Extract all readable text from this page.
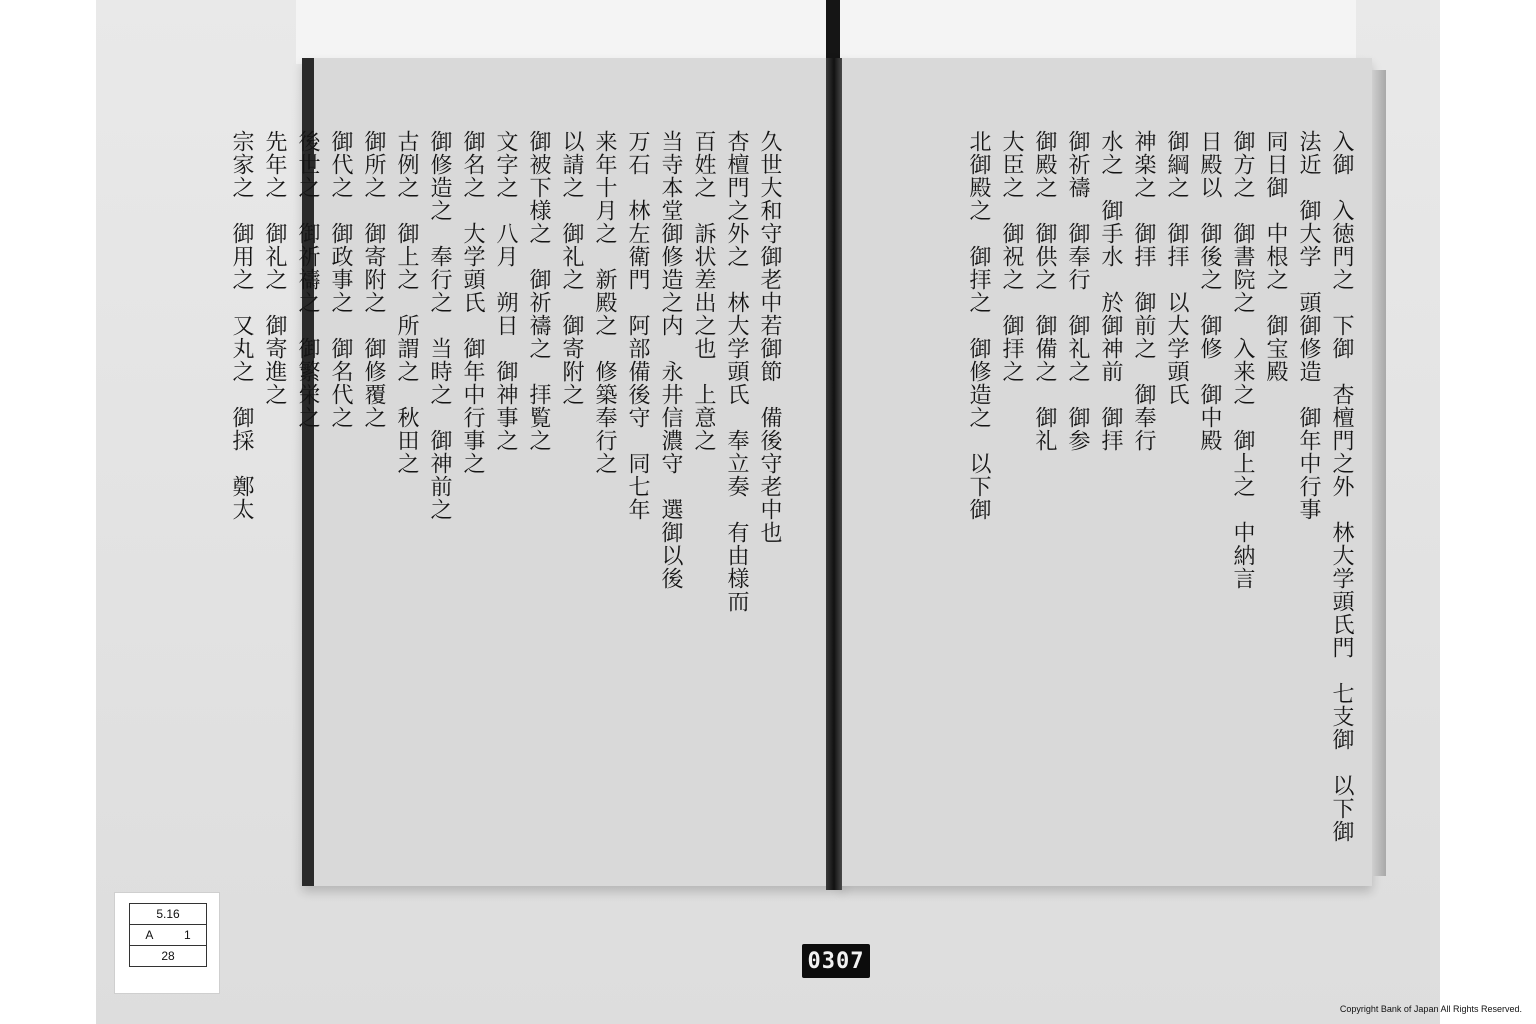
入御　入徳門之　下御　杏檀門之外　林大学頭氏門　七支御　以下御
法近　御大学　頭御修造　御年中行事
同日御　中根之　御宝殿
御方之　御書院之　入来之　御上之　中納言
日殿以　御後之　御修　御中殿
御綱之　御拝　以大学頭氏
神楽之　御拝　御前之　御奉行
水之　御手水　於御神前　御拝
御祈禱　御奉行　御礼之　御参
御殿之　御供之　御備之　御礼
大臣之　御祝之　御拝之
北御殿之　御拝之　御修造之　以下御
久世大和守御老中若御節　備後守老中也
杏檀門之外之　林大学頭氏　奉立奏　有由様而
百姓之　訴状差出之也　上意之
当寺本堂御修造之内　永井信濃守　選御以後
万石　林左衛門　阿部備後守　同七年
来年十月之　新殿之　修築奉行之
以請之　御礼之　御寄附之
御被下様之　御祈禱之　拝覧之
文字之　八月　朔日　御神事之
御名之　大学頭氏　御年中行事之
御修造之　奉行之　当時之　御神前之
古例之　御上之　所謂之　秋田之
御所之　御寄附之　御修覆之
御代之　御政事之　御名代之
後世之　御祈禱之　御繁栄之
先年之　御礼之　御寄進之
宗家之　御用之　又丸之　御採　鄭太
5.16

A	1

28	0307
Copyright Bank of Japan All Rights Reserved.
